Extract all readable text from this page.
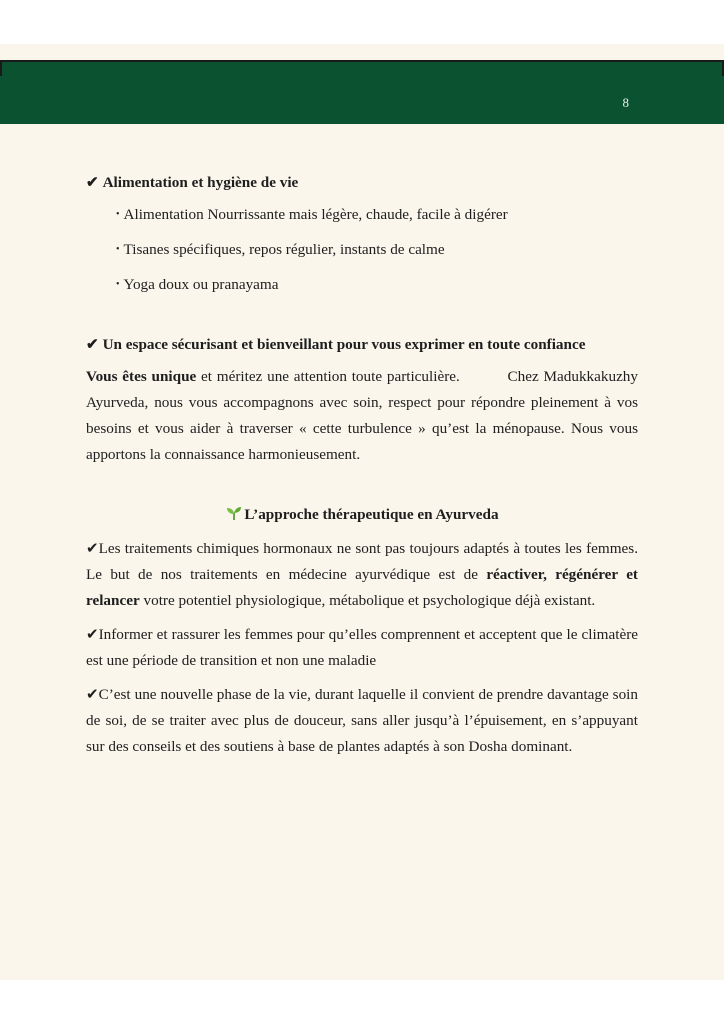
8
✔ Alimentation et hygiène de vie
• Alimentation Nourrissante mais légère, chaude, facile à digérer
• Tisanes spécifiques, repos régulier, instants de calme
• Yoga doux ou pranayama
✔ Un espace sécurisant et bienveillant pour vous exprimer en toute confiance
Vous êtes unique et méritez une attention toute particulière.          Chez Madukkakuzhy Ayurveda, nous vous accompagnons avec soin, respect pour répondre pleinement à vos besoins et vous aider à traverser « cette turbulence » qu’est la ménopause. Nous vous apportons la connaissance harmonieusement.
L’approche thérapeutique en Ayurveda
✔Les traitements chimiques hormonaux ne sont pas toujours adaptés à toutes les femmes. Le but de nos traitements en médecine ayurvédique est de réactiver, régénérer et relancer votre potentiel physiologique, métabolique et psychologique déjà existant.
✔Informer et rassurer les femmes pour qu’elles comprennent et acceptent que le climatère est une période de transition et non une maladie
✔C’est une nouvelle phase de la vie, durant laquelle il convient de prendre davantage soin de soi, de se traiter avec plus de douceur, sans aller jusqu’à l’épuisement, en s’appuyant sur des conseils et des soutiens à base de plantes adaptés à son Dosha dominant.
